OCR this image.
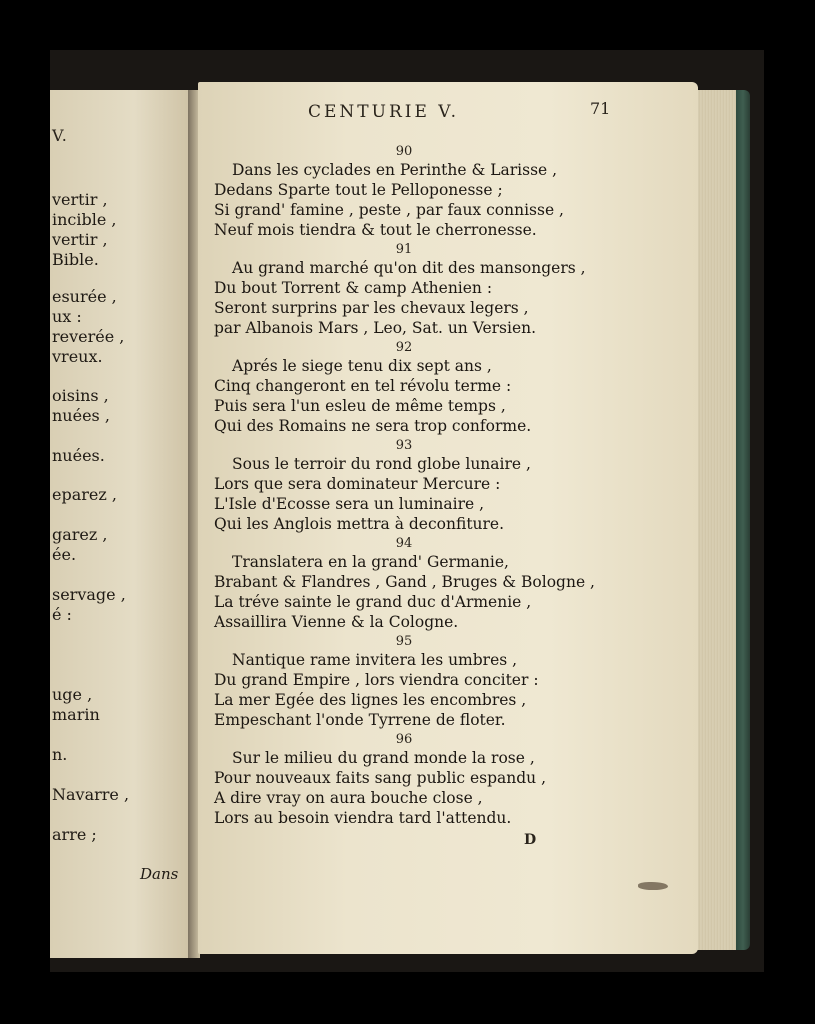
V.
vertir ,
incible ,
vertir ,
Bible.
esurée ,
ux :
reverée ,
vreux.
oisins ,
nuées ,
nuées.
eparez ,
garez ,
ée.
servage ,
é :
uge ,
marin
n.
Navarre ,
arre ;
Dans
CENTURIE V.	71
90
Dans les cyclades en Perinthe & Larisse ,
Dedans Sparte tout le Pelloponesse ;
Si grand' famine , peste , par faux connisse ,
Neuf mois tiendra & tout le cherronesse.
91
Au grand marché qu'on dit des mansongers ,
Du bout Torrent & camp Athenien :
Seront surprins par les chevaux legers ,
par Albanois Mars , Leo, Sat. un Versien.
92
Aprés le siege tenu dix sept ans ,
Cinq changeront en tel révolu terme :
Puis sera l'un esleu de même temps ,
Qui des Romains ne sera trop conforme.
93
Sous le terroir du rond globe lunaire ,
Lors que sera dominateur Mercure :
L'Isle d'Ecosse sera un luminaire ,
Qui les Anglois mettra à deconfiture.
94
Translatera en la grand' Germanie,
Brabant & Flandres , Gand , Bruges & Bologne ,
La tréve sainte le grand duc d'Armenie ,
Assaillira Vienne & la Cologne.
95
Nantique rame invitera les umbres ,
Du grand Empire , lors viendra conciter :
La mer Egée des lignes les encombres ,
Empeschant l'onde Tyrrene de floter.
96
Sur le milieu du grand monde la rose ,
Pour nouveaux faits sang public espandu ,
A dire vray on aura bouche close ,
Lors au besoin viendra tard l'attendu.
D
